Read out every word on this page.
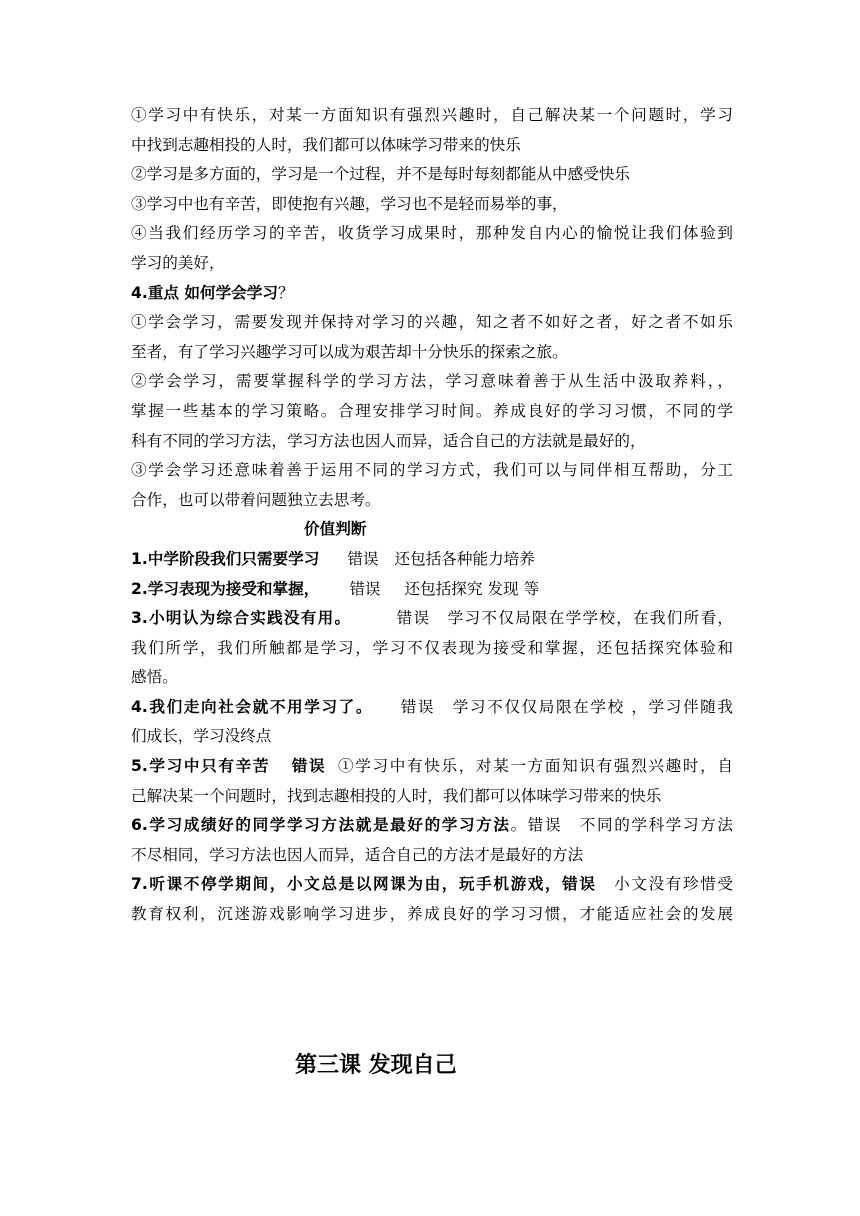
①学习中有快乐，对某一方面知识有强烈兴趣时，自己解决某一个问题时，学习
中找到志趣相投的人时，我们都可以体味学习带来的快乐
②学习是多方面的，学习是一个过程，并不是每时每刻都能从中感受快乐
③学习中也有辛苦，即使抱有兴趣，学习也不是轻而易举的事，
④当我们经历学习的辛苦，收货学习成果时，那种发自内心的愉悦让我们体验到
学习的美好，
4.重点 如何学会学习？
①学会学习，需要发现并保持对学习的兴趣，知之者不如好之者，好之者不如乐
至者，有了学习兴趣学习可以成为艰苦却十分快乐的探索之旅。
②学会学习，需要掌握科学的学习方法，学习意味着善于从生活中汲取养料，，
掌握一些基本的学习策略。合理安排学习时间。养成良好的学习习惯，不同的学
科有不同的学习方法，学习方法也因人而异，适合自己的方法就是最好的，
③学会学习还意味着善于运用不同的学习方式，我们可以与同伴相互帮助，分工
合作，也可以带着问题独立去思考。
价值判断
1.中学阶段我们只需要学习 错误 还包括各种能力培养
2.学习表现为接受和掌握， 错误 还包括探究 发现 等
3.小明认为综合实践没有用。	错误 学习不仅局限在学学校，在我们所看，
我们所学，我们所触都是学习，学习不仅表现为接受和掌握，还包括探究体验和
感悟。
4.我们走向社会就不用学习了。 错误 学习不仅仅局限在学校 ，学习伴随我
们成长，学习没终点
5.学习中只有辛苦 错误 ①学习中有快乐，对某一方面知识有强烈兴趣时，自
己解决某一个问题时，找到志趣相投的人时，我们都可以体味学习带来的快乐
6.学习成绩好的同学学习方法就是最好的学习方法。错误 不同的学科学习方法
不尽相同，学习方法也因人而异，适合自己的方法才是最好的方法
7.听课不停学期间，小文总是以网课为由，玩手机游戏，错误 小文没有珍惜受
教育权利，沉迷游戏影响学习进步，养成良好的学习习惯，才能适应社会的发展
第三课 发现自己
